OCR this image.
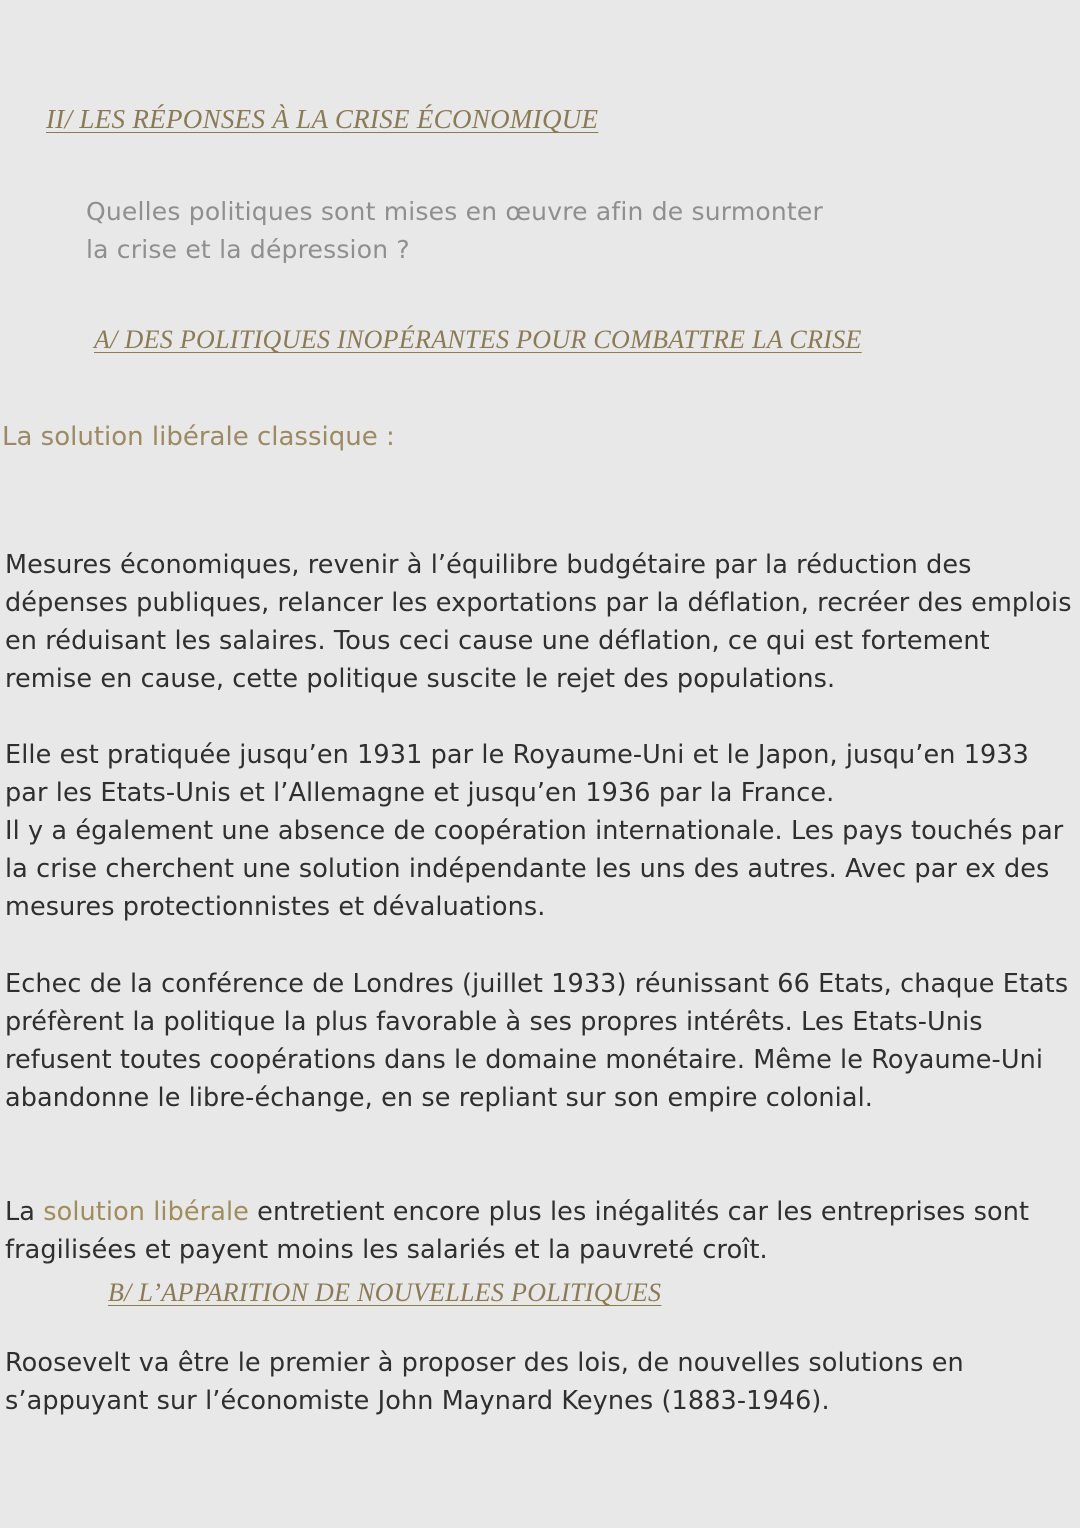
II/ LES RÉPONSES À LA CRISE ÉCONOMIQUE
Quelles politiques sont mises en œuvre afin de surmonter
la crise et la dépression ?
A/ DES POLITIQUES INOPÉRANTES POUR COMBATTRE LA CRISE
La solution libérale classique :

Mesures économiques, revenir à l’équilibre budgétaire par la réduction des dépenses publiques, relancer les exportations par la déflation, recréer des emplois en réduisant les salaires. Tous ceci cause une déflation, ce qui est fortement remise en cause, cette politique suscite le rejet des populations.

Elle est pratiquée jusqu’en 1931 par le Royaume-Uni et le Japon, jusqu’en 1933 par les Etats-Unis et l’Allemagne et jusqu’en 1936 par la France.
Il y a également une absence de coopération internationale. Les pays touchés par la crise cherchent une solution indépendante les uns des autres. Avec par ex des mesures protectionnistes et dévaluations.

Echec de la conférence de Londres (juillet 1933) réunissant 66 Etats, chaque Etats préfèrent la politique la plus favorable à ses propres intérêts. Les Etats-Unis refusent toutes coopérations dans le domaine monétaire. Même le Royaume-Uni abandonne le libre-échange, en se repliant sur son empire colonial.

La solution libérale entretient encore plus les inégalités car les entreprises sont fragilisées et payent moins les salariés et la pauvreté croît.

B/ L’APPARITION DE NOUVELLES POLITIQUES

Roosevelt va être le premier à proposer des lois, de nouvelles solutions en s’appuyant sur l’économiste John Maynard Keynes (1883-1946).
